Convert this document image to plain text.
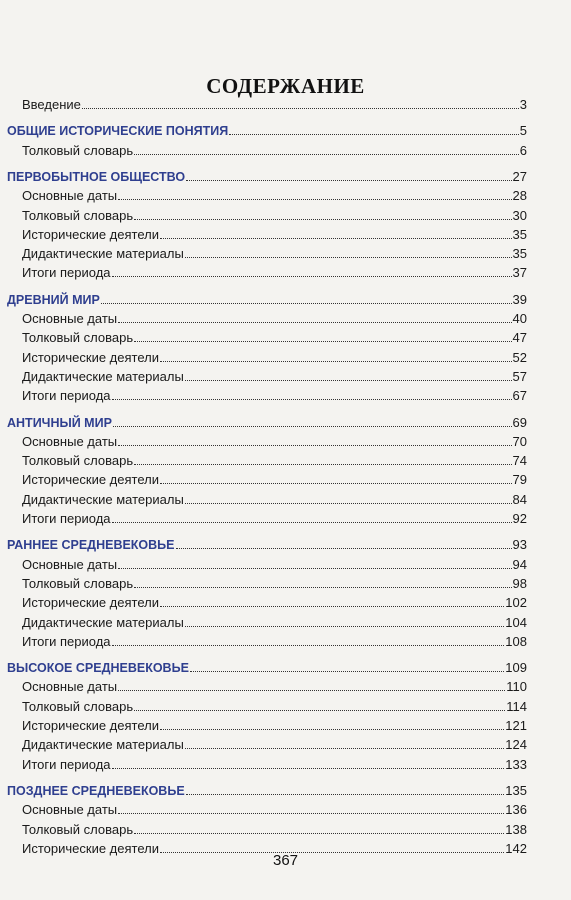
СОДЕРЖАНИЕ
Введение	3
ОБЩИЕ ИСТОРИЧЕСКИЕ ПОНЯТИЯ	5
Толковый словарь	6
ПЕРВОБЫТНОЕ ОБЩЕСТВО	27
Основные даты	28
Толковый словарь	30
Исторические деятели	35
Дидактические материалы	35
Итоги периода	37
ДРЕВНИЙ МИР	39
Основные даты	40
Толковый словарь	47
Исторические деятели	52
Дидактические материалы	57
Итоги периода	67
АНТИЧНЫЙ МИР	69
Основные даты	70
Толковый словарь	74
Исторические деятели	79
Дидактические материалы	84
Итоги периода	92
РАННЕЕ СРЕДНЕВЕКОВЬЕ	93
Основные даты	94
Толковый словарь	98
Исторические деятели	102
Дидактические материалы	104
Итоги периода	108
ВЫСОКОЕ СРЕДНЕВЕКОВЬЕ	109
Основные даты	110
Толковый словарь	114
Исторические деятели	121
Дидактические материалы	124
Итоги периода	133
ПОЗДНЕЕ СРЕДНЕВЕКОВЬЕ	135
Основные даты	136
Толковый словарь	138
Исторические деятели	142
367
